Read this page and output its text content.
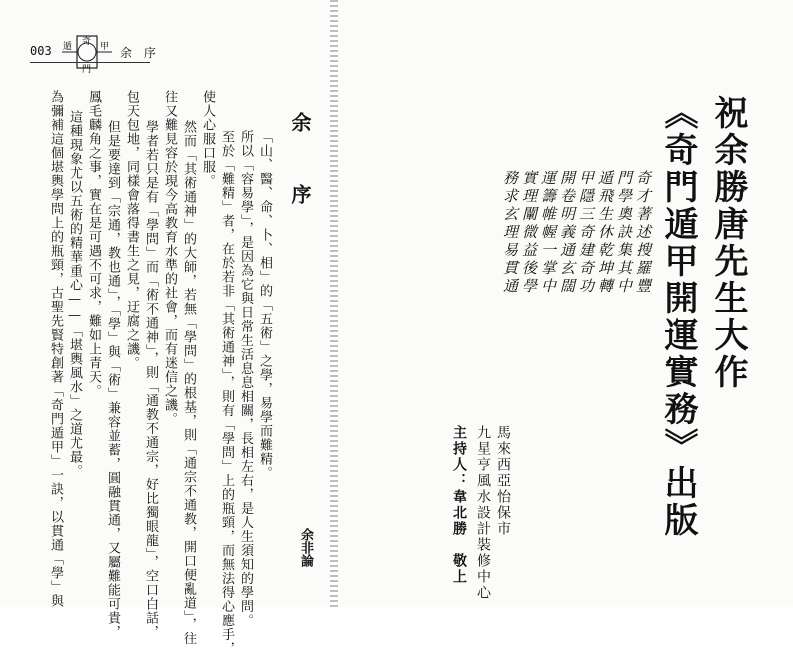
003
奇 甲
門
遁	余 序
余 序
余非論
「山、醫、命、卜、相」的「五術」之學，易學而難精。
所以「容易學」，是因為它與日常生活息息相關，長相左右，是人生須知的學問。
至於「難精」者，在於若非「其術通神」，則有「學問」上的瓶頸，而無法得心應手，
使人心服口服。
然而「其術通神」的大師，若無「學問」的根基，則「通宗不通教，開口便亂道」，往
往又難見容於現今高教育水準的社會，而有迷信之譏。
學者若只是有「學問」而「術不通神」，則「通教不通宗，好比獨眼龍」，空口白話，
包天包地，同樣會落得書生之見，迂腐之譏。
但是要達到「宗通，教也通」，「學」與「術」兼容並蓄，圓融貫通，又屬難能可貴，
鳳毛麟角之事，實在是可遇不可求，難如上青天。
這種現象尤以五術的精華重心——「堪輿風水」之道尤最。
為彌補這個堪輿學問上的瓶頸，古聖先賢特創著「奇門遁甲」一訣，以貫通「學」與	祝余勝唐先生大作
《奇門遁甲開運實務》出版
奇才著述搜羅豐
門學奧訣集其中
遁飛生休乾坤轉
甲隱三奇建奇功
開卷明義通玄闊
運籌帷幄一掌中
實理闡微益後學
務求玄理易貫通
馬來西亞怡保市
九星亨風水設計裝修中心
主持人：韋北勝　敬上
